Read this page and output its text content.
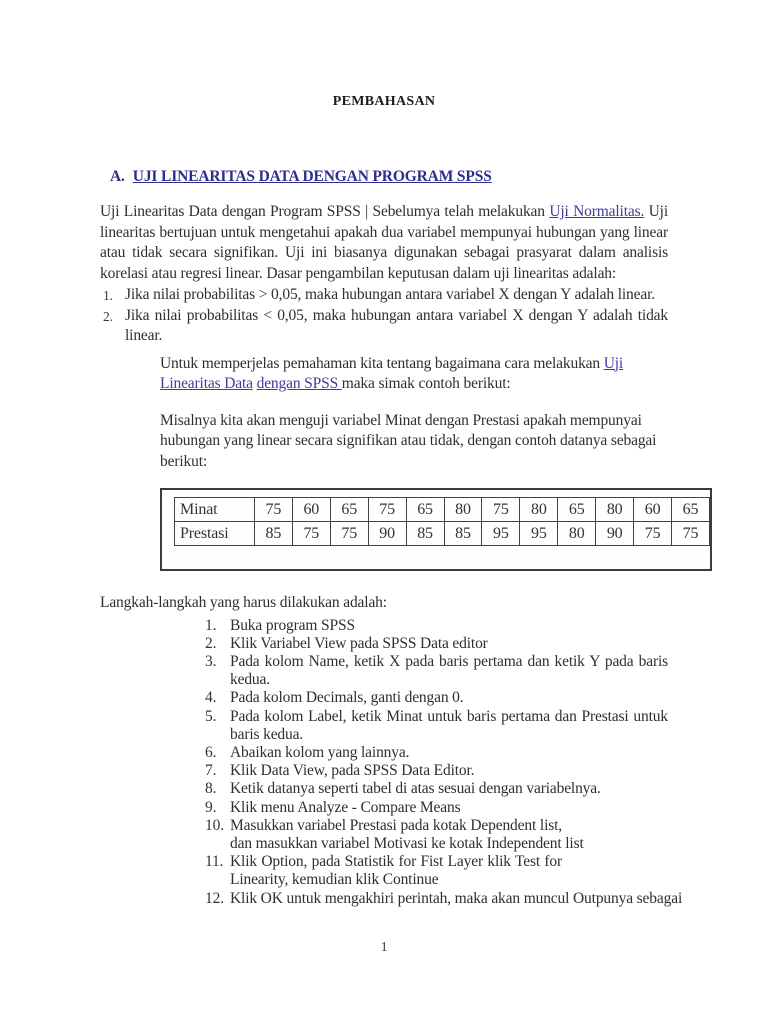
PEMBAHASAN
A. UJI LINEARITAS DATA DENGAN PROGRAM SPSS

Uji Linearitas Data dengan Program SPSS | Sebelumya telah melakukan Uji Normalitas. Uji linearitas bertujuan untuk mengetahui apakah dua variabel mempunyai hubungan yang linear atau tidak secara signifikan. Uji ini biasanya digunakan sebagai prasyarat dalam analisis korelasi atau regresi linear. Dasar pengambilan keputusan dalam uji linearitas adalah:

Jika nilai probabilitas > 0,05, maka hubungan antara variabel X dengan Y adalah linear.
Jika nilai probabilitas < 0,05, maka hubungan antara variabel X dengan Y adalah tidak
linear.

Untuk memperjelas pemahaman kita tentang bagaimana cara melakukan Uji Linearitas Data dengan SPSS maka simak contoh berikut:

Misalnya kita akan menguji variabel Minat dengan Prestasi apakah mempunyai hubungan yang linear secara signifikan atau tidak, dengan contoh datanya sebagai berikut:

Minat	75	60	65	75	65	80	75	80	65	80	60	65
Prestasi	85	75	75	90	85	85	95	95	80	90	75	75
Langkah-langkah yang harus dilakukan adalah:
Buka program SPSS
Klik Variabel View pada SPSS Data editor
Pada kolom Name, ketik X pada baris pertama dan ketik Y pada baris
kedua.
Pada kolom Decimals, ganti dengan 0.
Pada kolom Label, ketik Minat untuk baris pertama dan Prestasi untuk
baris kedua.
Abaikan kolom yang lainnya.
Klik Data View, pada SPSS Data Editor.
Ketik datanya seperti tabel di atas sesuai dengan variabelnya.
Klik menu Analyze - Compare Means
Masukkan variabel Prestasi pada kotak Dependent list,
dan masukkan variabel Motivasi ke kotak Independent list
Klik Option, pada Statistik for Fist Layer klik Test for
Linearity, kemudian klik Continue
Klik OK untuk mengakhiri perintah, maka akan muncul Outpunya sebagai
1
